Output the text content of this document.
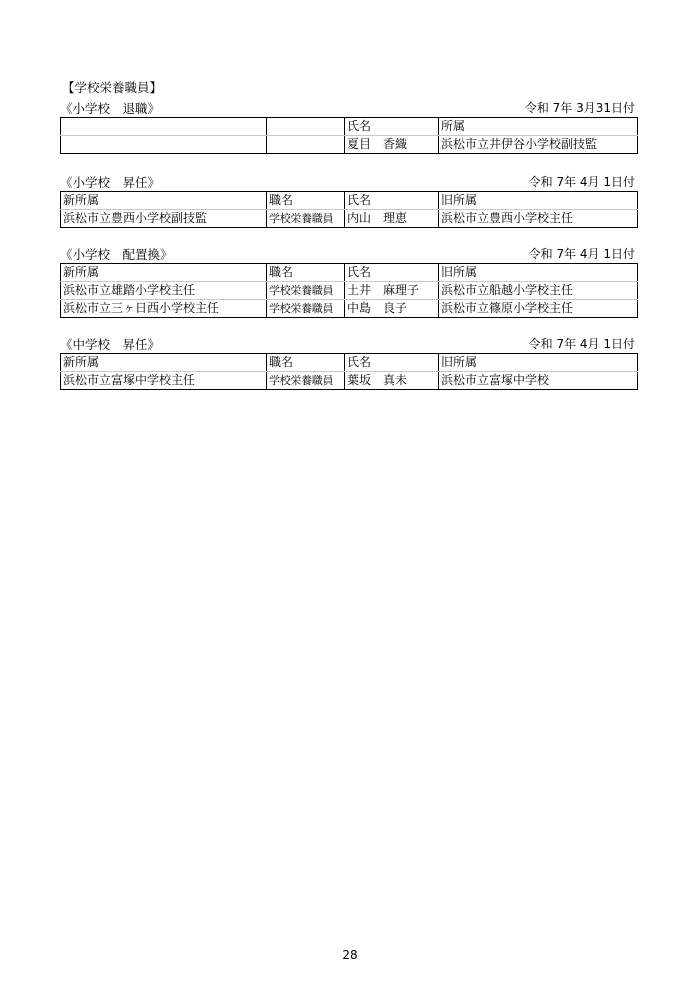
【学校栄養職員】
《小学校　退職》	令和 7年 3月31日付
		氏名	所属
		夏目　香織	浜松市立井伊谷小学校副技監
《小学校　昇任》	令和 7年 4月 1日付
新所属	職名	氏名	旧所属
浜松市立豊西小学校副技監	学校栄養職員	内山　理恵	浜松市立豊西小学校主任
《小学校　配置換》	令和 7年 4月 1日付
新所属	職名	氏名	旧所属
浜松市立雄踏小学校主任	学校栄養職員	土井　麻理子	浜松市立船越小学校主任
浜松市立三ヶ日西小学校主任	学校栄養職員	中島　良子	浜松市立篠原小学校主任
《中学校　昇任》	令和 7年 4月 1日付
新所属	職名	氏名	旧所属
浜松市立富塚中学校主任	学校栄養職員	葉坂　真未	浜松市立富塚中学校
28
